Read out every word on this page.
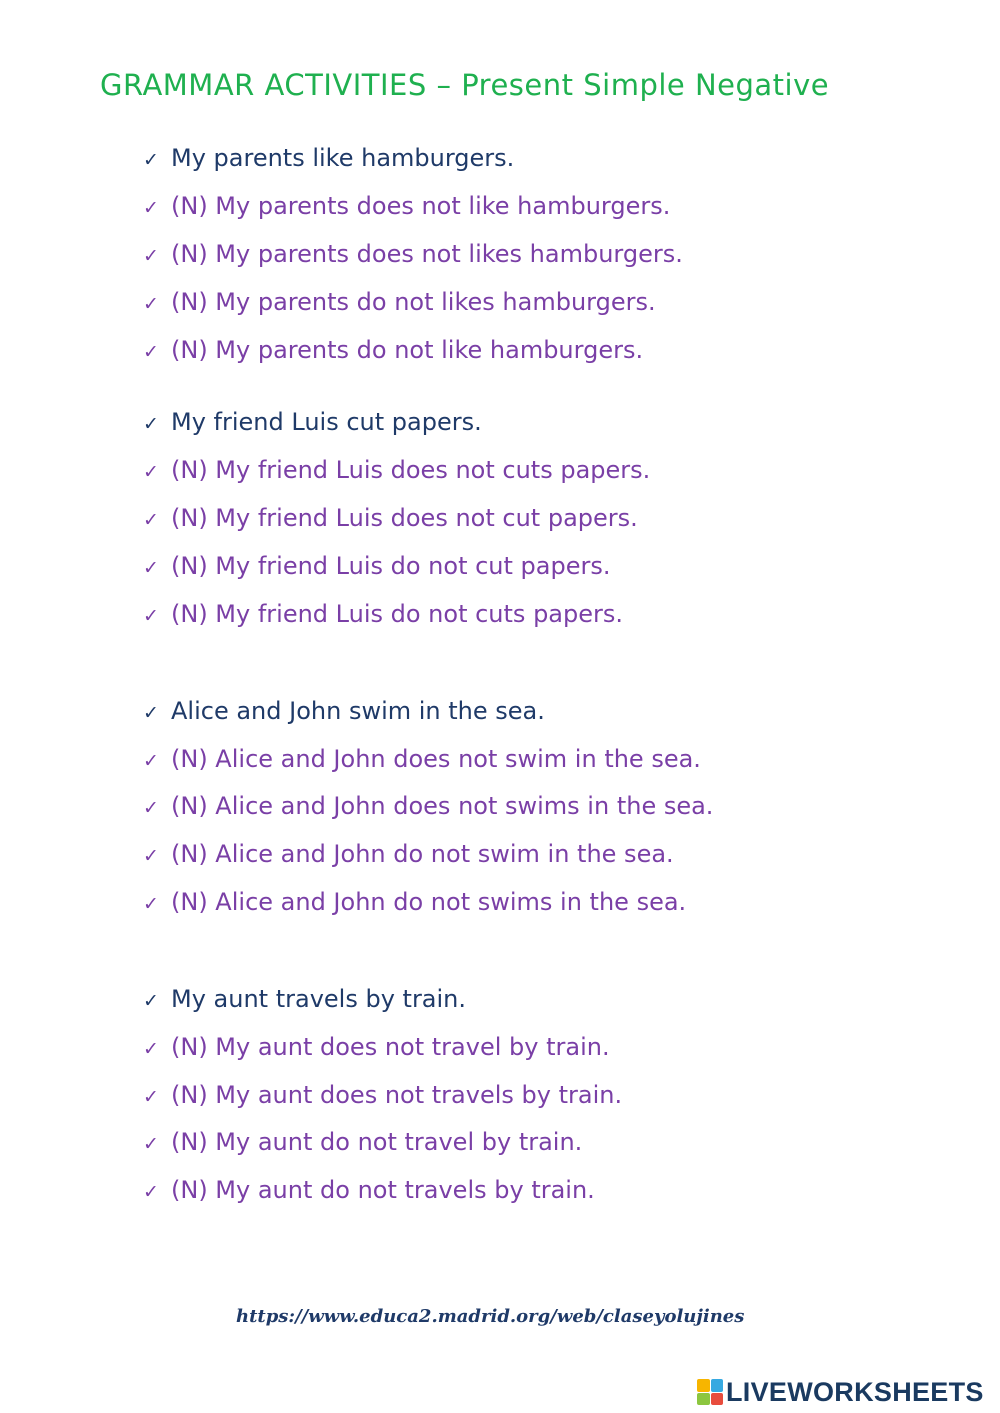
GRAMMAR ACTIVITIES – Present Simple Negative
✓ My parents like hamburgers.
✓ (N) My parents does not like hamburgers.
✓ (N) My parents does not likes hamburgers.
✓ (N) My parents do not likes hamburgers.
✓ (N) My parents do not like hamburgers.
✓ My friend Luis cut papers.
✓ (N) My friend Luis does not cuts papers.
✓ (N) My friend Luis does not cut papers.
✓ (N) My friend Luis do not cut papers.
✓ (N) My friend Luis do not cuts papers.
✓ Alice and John swim in the sea.
✓ (N) Alice and John does not swim in the sea.
✓ (N) Alice and John does not swims in the sea.
✓ (N) Alice and John do not swim in the sea.
✓ (N) Alice and John do not swims in the sea.
✓ My aunt travels by train.
✓ (N) My aunt does not travel by train.
✓ (N) My aunt does not travels by train.
✓ (N) My aunt do not travel by train.
✓ (N) My aunt do not travels by train.
https://www.educa2.madrid.org/web/claseyolujines
LIVEWORKSHEETS
